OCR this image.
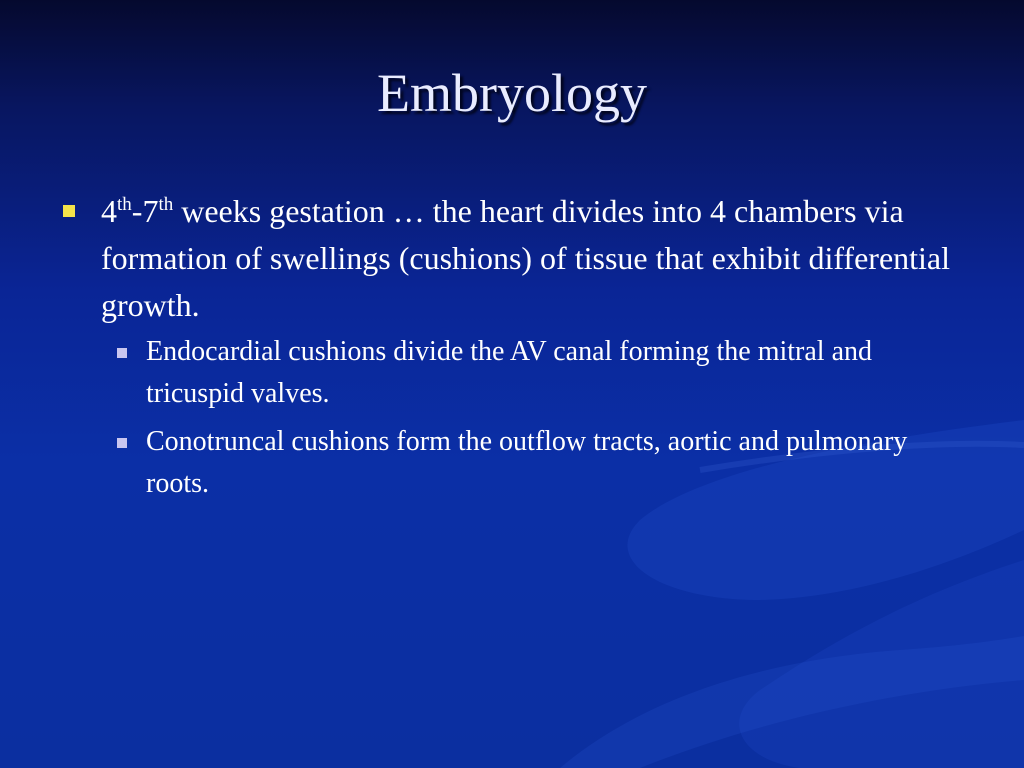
Embryology
4th-7th weeks gestation … the heart divides into 4 chambers via formation of swellings (cushions) of tissue that exhibit differential growth.
Endocardial cushions divide the AV canal forming the mitral and tricuspid valves.
Conotruncal cushions form the outflow tracts, aortic and pulmonary roots.
